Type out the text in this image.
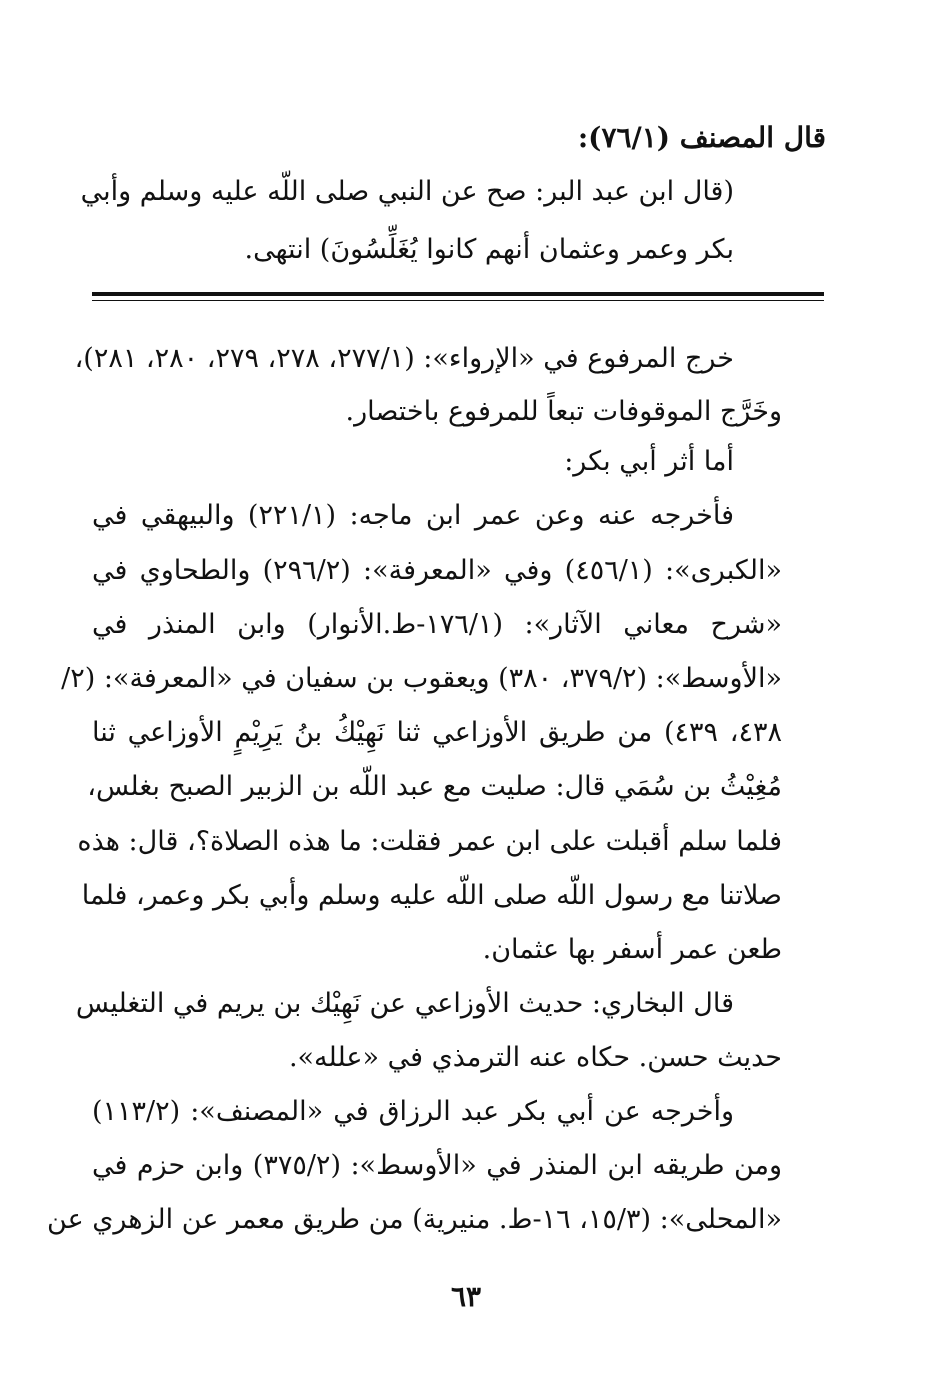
قال المصنف (٧٦/١):
(قال ابن عبد البر: صح عن النبي صلى اللّه عليه وسلم وأبي
بكر وعمر وعثمان أنهم كانوا يُغَلِّسُونَ) انتهى.
خرج المرفوع في «الإرواء»: (٢٧٧/١، ٢٧٨، ٢٧٩، ٢٨٠، ٢٨١)،
وخَرَّج الموقوفات تبعاً للمرفوع باختصار.
أما أثر أبي بكر:
فأخرجه عنه وعن عمر ابن ماجه: (٢٢١/١) والبيهقي في
«الكبرى»: (٤٥٦/١) وفي «المعرفة»: (٢٩٦/٢) والطحاوي في
«شرح معاني الآثار»: (١٧٦/١-ط.الأنوار) وابن المنذر في
«الأوسط»: (٣٧٩/٢، ٣٨٠) ويعقوب بن سفيان في «المعرفة»: (٢/
٤٣٨، ٤٣٩) من طريق الأوزاعي ثنا نَهِيْكُ بنُ يَرِيْمٍ الأوزاعي ثنا
مُغِيْثُ بن سُمَي قال: صليت مع عبد اللّه بن الزبير الصبح بغلس،
فلما سلم أقبلت على ابن عمر فقلت: ما هذه الصلاة؟، قال: هذه
صلاتنا مع رسول اللّه صلى اللّه عليه وسلم وأبي بكر وعمر، فلما
طعن عمر أسفر بها عثمان.
قال البخاري: حديث الأوزاعي عن نَهِيْك بن يريم في التغليس
حديث حسن. حكاه عنه الترمذي في «علله».
وأخرجه عن أبي بكر عبد الرزاق في «المصنف»: (١١٣/٢)
ومن طريقه ابن المنذر في «الأوسط»: (٣٧٥/٢) وابن حزم في
«المحلى»: (١٥/٣، ١٦-ط. منيرية) من طريق معمر عن الزهري عن
٦٣
